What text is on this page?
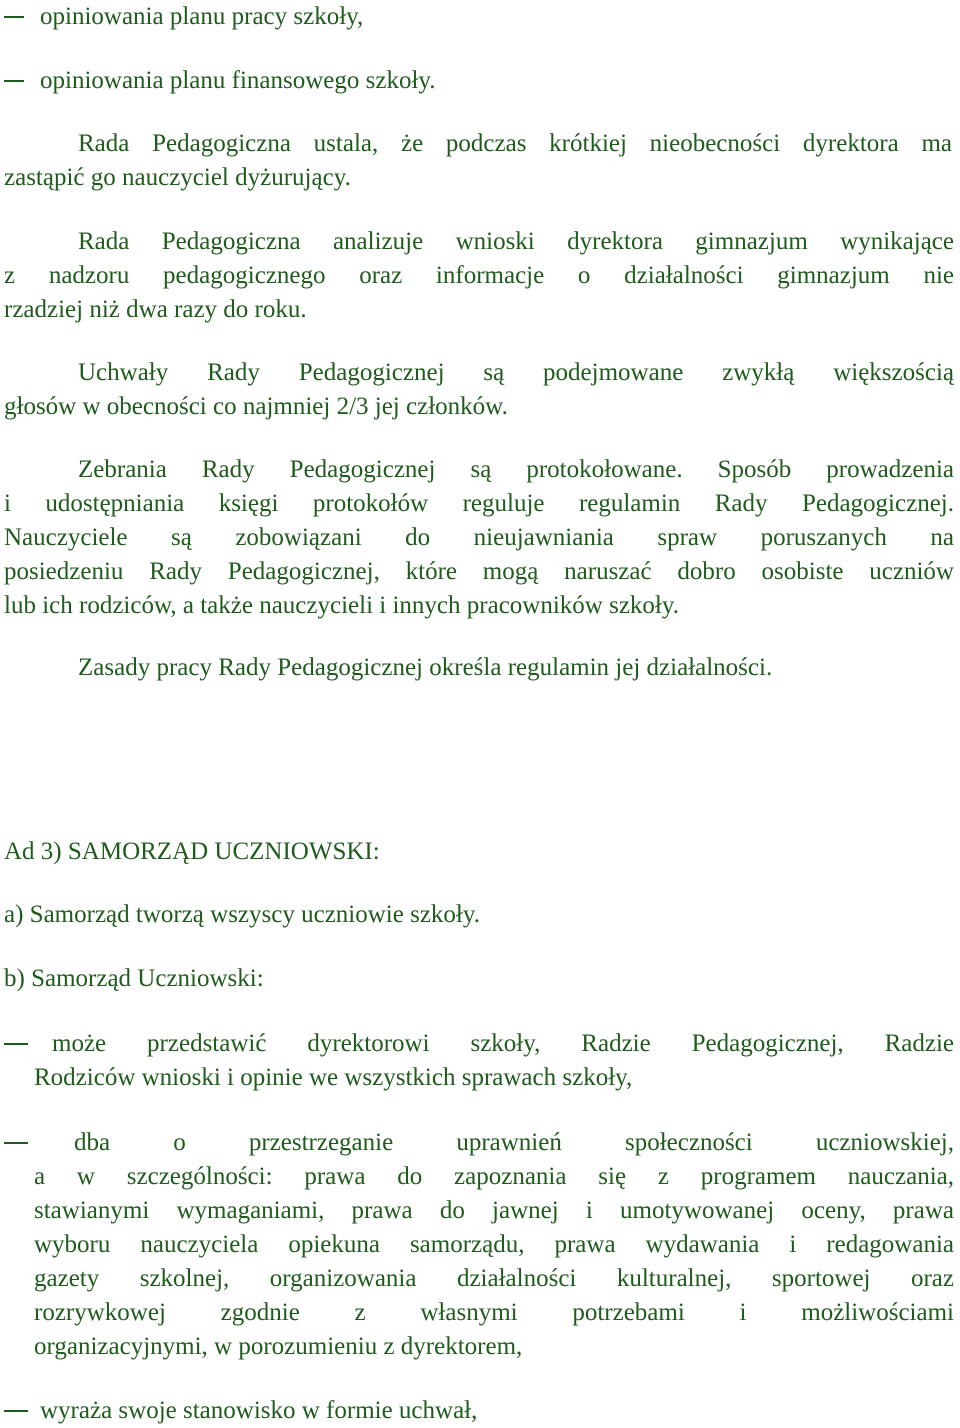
opiniowania planu pracy szkoły,
opiniowania planu finansowego szkoły.
Rada Pedagogiczna ustala, że podczas krótkiej nieobecności dyrektora ma
zastąpić go nauczyciel dyżurujący.
Rada Pedagogiczna analizuje wnioski dyrektora gimnazjum wynikające
z nadzoru pedagogicznego oraz informacje o działalności gimnazjum nie
rzadziej niż dwa razy do roku.
Uchwały Rady Pedagogicznej są podejmowane zwykłą większością
głosów w obecności co najmniej 2/3 jej członków.
Zebrania Rady Pedagogicznej są protokołowane. Sposób prowadzenia
i udostępniania księgi protokołów reguluje regulamin Rady Pedagogicznej.
Nauczyciele są zobowiązani do nieujawniania spraw poruszanych na
posiedzeniu Rady Pedagogicznej, które mogą naruszać dobro osobiste uczniów
lub ich rodziców, a także nauczycieli i innych pracowników szkoły.
Zasady pracy Rady Pedagogicznej określa regulamin jej działalności.
Ad 3) SAMORZĄD UCZNIOWSKI:
a) Samorząd tworzą wszyscy uczniowie szkoły.
b) Samorząd Uczniowski:
może przedstawić dyrektorowi szkoły, Radzie Pedagogicznej, Radzie
Rodziców wnioski i opinie we wszystkich sprawach szkoły,
dba o przestrzeganie uprawnień społeczności uczniowskiej,
a w szczególności: prawa do zapoznania się z programem nauczania,
stawianymi wymaganiami, prawa do jawnej i umotywowanej oceny, prawa
wyboru nauczyciela opiekuna samorządu, prawa wydawania i redagowania
gazety szkolnej, organizowania działalności kulturalnej, sportowej oraz
rozrywkowej zgodnie z własnymi potrzebami i możliwościami
organizacyjnymi, w porozumieniu z dyrektorem,
wyraża swoje stanowisko w formie uchwał,
